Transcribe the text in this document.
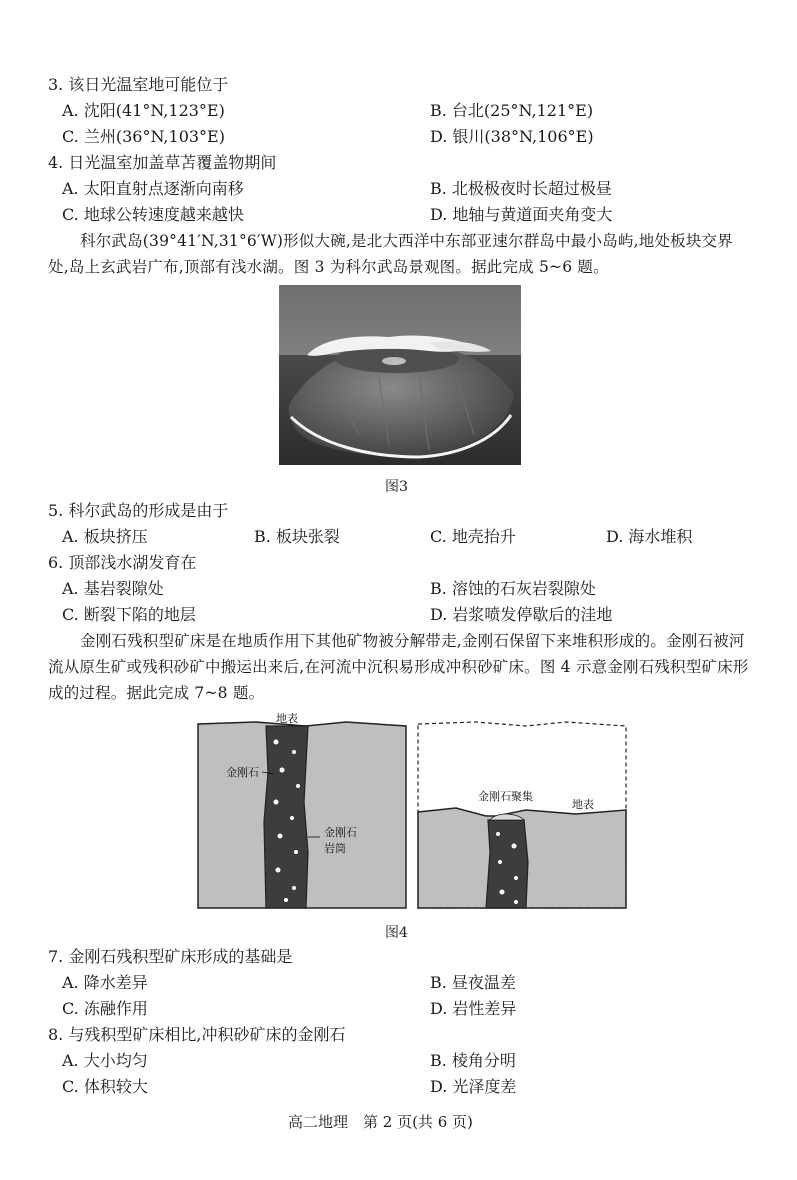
3. 该日光温室地可能位于
A. 沈阳(41°N,123°E)	B. 台北(25°N,121°E)
C. 兰州(36°N,103°E)	D. 银川(38°N,106°E)
4. 日光温室加盖草苫覆盖物期间
A. 太阳直射点逐渐向南移	B. 北极极夜时长超过极昼
C. 地球公转速度越来越快	D. 地轴与黄道面夹角变大
科尔武岛(39°41′N,31°6′W)形似大碗,是北大西洋中东部亚速尔群岛中最小岛屿,地处板块交界处,岛上玄武岩广布,顶部有浅水湖。图 3 为科尔武岛景观图。据此完成 5~6 题。
图3
5. 科尔武岛的形成是由于
A. 板块挤压	B. 板块张裂	C. 地壳抬升	D. 海水堆积
6. 顶部浅水湖发育在
A. 基岩裂隙处	B. 溶蚀的石灰岩裂隙处
C. 断裂下陷的地层	D. 岩浆喷发停歇后的洼地
金刚石残积型矿床是在地质作用下其他矿物被分解带走,金刚石保留下来堆积形成的。金刚石被河流从原生矿或残积砂矿中搬运出来后,在河流中沉积易形成冲积砂矿床。图 4 示意金刚石残积型矿床形成的过程。据此完成 7~8 题。
地表
金刚石
金刚石
岩筒
金刚石聚集
地表
图4
7. 金刚石残积型矿床形成的基础是
A. 降水差异	B. 昼夜温差
C. 冻融作用	D. 岩性差异
8. 与残积型矿床相比,冲积砂矿床的金刚石
A. 大小均匀	B. 棱角分明
C. 体积较大	D. 光泽度差
高二地理　第 2 页(共 6 页)
